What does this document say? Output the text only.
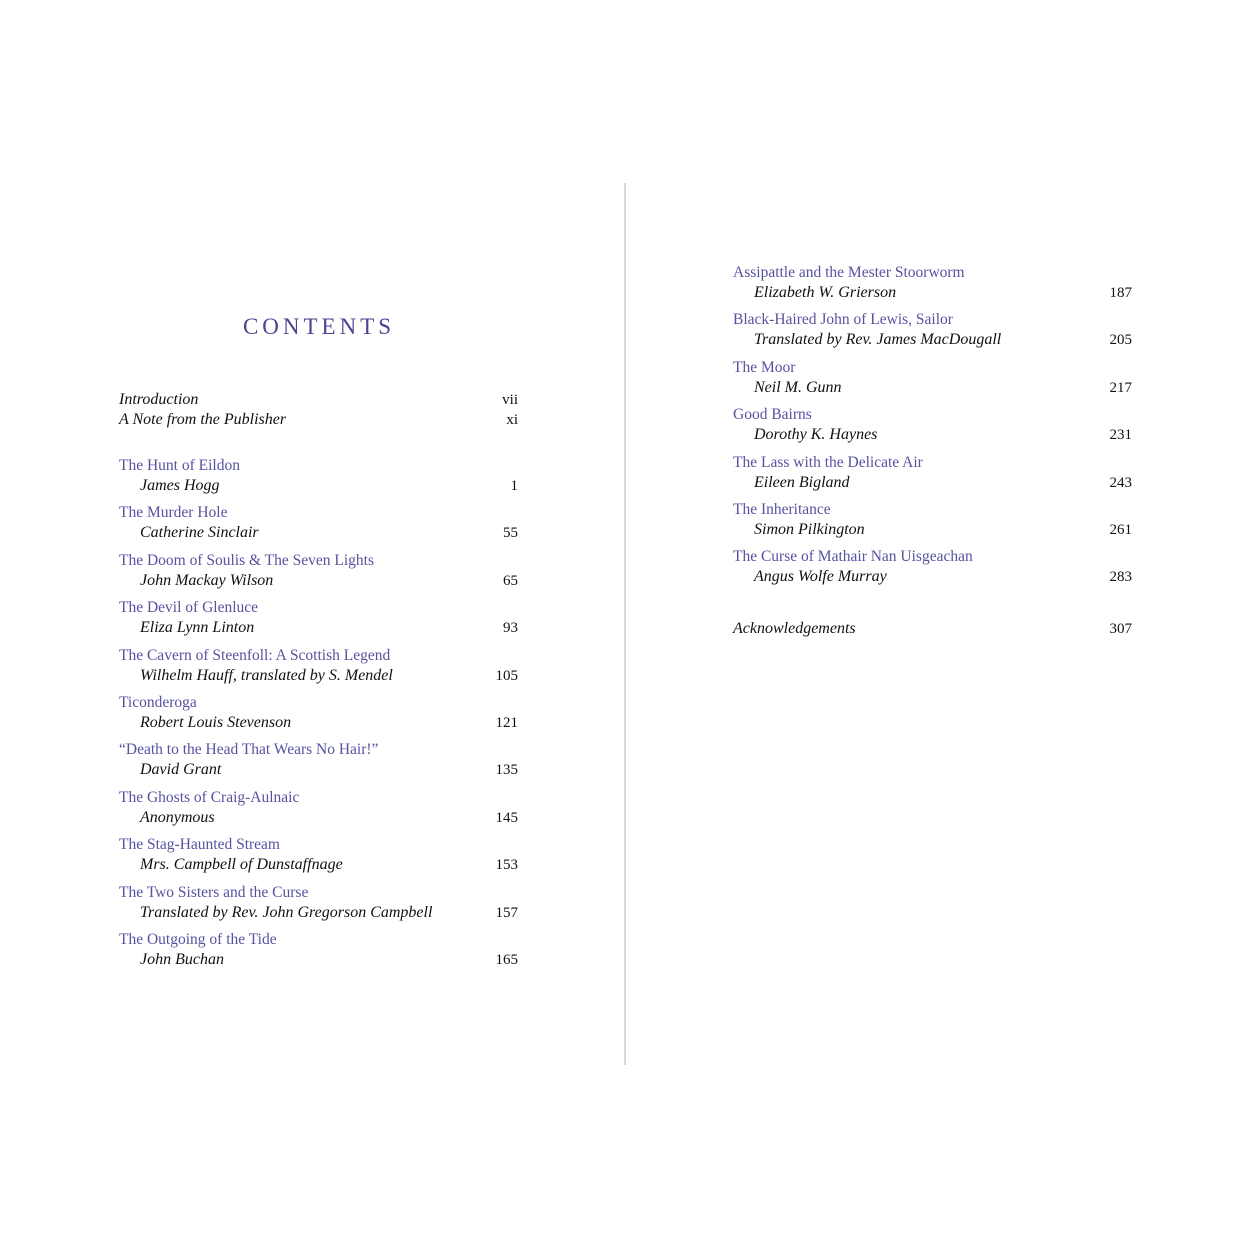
CONTENTS
Introduction	vii
A Note from the Publisher	xi
The Hunt of Eildon
James Hogg	1
The Murder Hole
Catherine Sinclair	55
The Doom of Soulis & The Seven Lights
John Mackay Wilson	65
The Devil of Glenluce
Eliza Lynn Linton	93
The Cavern of Steenfoll: A Scottish Legend
Wilhelm Hauff, translated by S. Mendel	105
Ticonderoga
Robert Louis Stevenson	121
“Death to the Head That Wears No Hair!”
David Grant	135
The Ghosts of Craig-Aulnaic
Anonymous	145
The Stag-Haunted Stream
Mrs. Campbell of Dunstaffnage	153
The Two Sisters and the Curse
Translated by Rev. John Gregorson Campbell	157
The Outgoing of the Tide
John Buchan	165
Assipattle and the Mester Stoorworm
Elizabeth W. Grierson	187
Black-Haired John of Lewis, Sailor
Translated by Rev. James MacDougall	205
The Moor
Neil M. Gunn	217
Good Bairns
Dorothy K. Haynes	231
The Lass with the Delicate Air
Eileen Bigland	243
The Inheritance
Simon Pilkington	261
The Curse of Mathair Nan Uisgeachan
Angus Wolfe Murray	283
Acknowledgements	307
